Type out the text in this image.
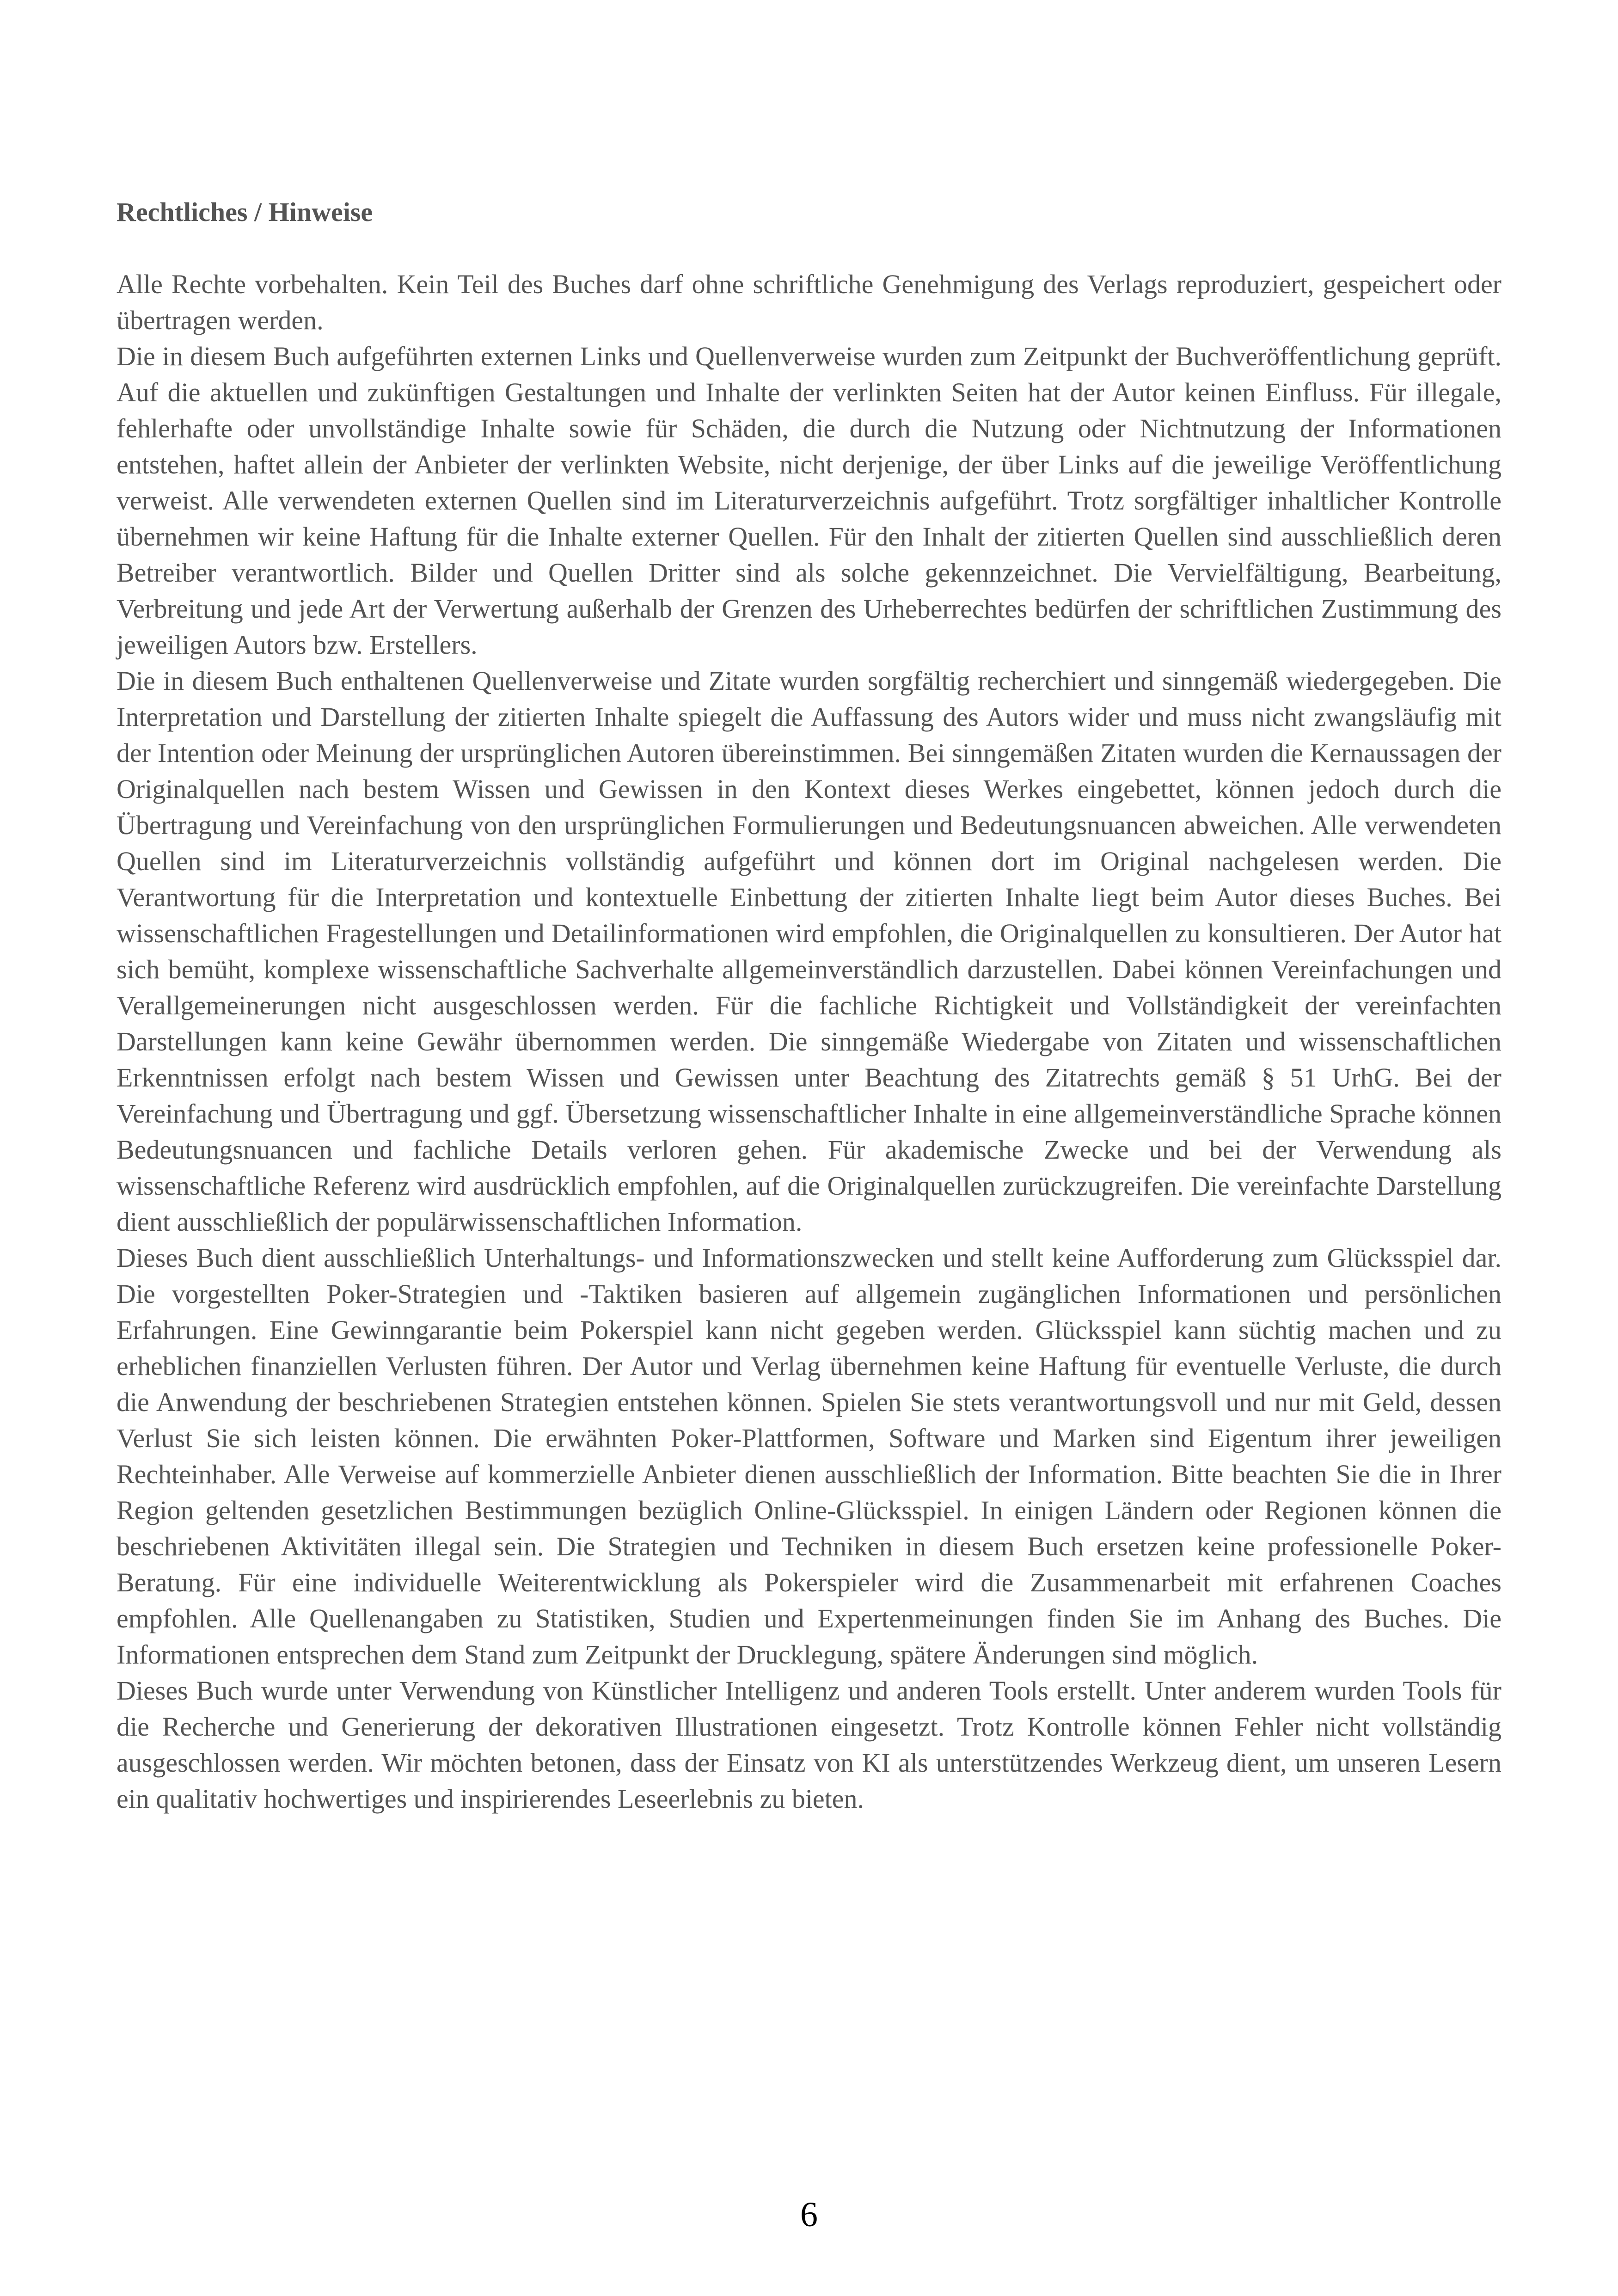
Rechtliches / Hinweise

Alle Rechte vorbehalten. Kein Teil des Buches darf ohne schriftliche Genehmigung des Verlags reproduziert, gespeichert oder übertragen werden.

Die in diesem Buch aufgeführten externen Links und Quellenverweise wurden zum Zeitpunkt der Buchveröffentlichung geprüft. Auf die aktuellen und zukünftigen Gestaltungen und Inhalte der verlinkten Seiten hat der Autor keinen Einfluss. Für illegale, fehlerhafte oder unvollständige Inhalte sowie für Schäden, die durch die Nutzung oder Nichtnutzung der Informationen entstehen, haftet allein der Anbieter der verlinkten Website, nicht derjenige, der über Links auf die jeweilige Veröffentlichung verweist. Alle verwendeten externen Quellen sind im Literaturverzeichnis aufgeführt. Trotz sorgfältiger inhaltlicher Kontrolle übernehmen wir keine Haftung für die Inhalte externer Quellen. Für den Inhalt der zitierten Quellen sind ausschließlich deren Betreiber verantwortlich. Bilder und Quellen Dritter sind als solche gekennzeichnet. Die Vervielfältigung, Bearbeitung, Verbreitung und jede Art der Verwertung außerhalb der Grenzen des Urheberrechtes bedürfen der schriftlichen Zustimmung des jeweiligen Autors bzw. Erstellers.

Die in diesem Buch enthaltenen Quellenverweise und Zitate wurden sorgfältig recherchiert und sinngemäß wiedergegeben. Die Interpretation und Darstellung der zitierten Inhalte spiegelt die Auffassung des Autors wider und muss nicht zwangsläufig mit der Intention oder Meinung der ursprünglichen Autoren übereinstimmen. Bei sinngemäßen Zitaten wurden die Kernaussagen der Originalquellen nach bestem Wissen und Gewissen in den Kontext dieses Werkes eingebettet, können jedoch durch die Übertragung und Vereinfachung von den ursprünglichen Formulierungen und Bedeutungsnuancen abweichen. Alle verwendeten Quellen sind im Literaturverzeichnis vollständig aufgeführt und können dort im Original nachgelesen werden. Die Verantwortung für die Interpretation und kontextuelle Einbettung der zitierten Inhalte liegt beim Autor dieses Buches. Bei wissenschaftlichen Fragestellungen und Detailinformationen wird empfohlen, die Originalquellen zu konsultieren. Der Autor hat sich bemüht, komplexe wissenschaftliche Sachverhalte allgemeinverständlich darzustellen. Dabei können Vereinfachungen und Verallgemeinerungen nicht ausgeschlossen werden. Für die fachliche Richtigkeit und Vollständigkeit der vereinfachten Darstellungen kann keine Gewähr übernommen werden. Die sinngemäße Wiedergabe von Zitaten und wissenschaftlichen Erkenntnissen erfolgt nach bestem Wissen und Gewissen unter Beachtung des Zitatrechts gemäß § 51 UrhG. Bei der Vereinfachung und Übertragung und ggf. Übersetzung wissenschaftlicher Inhalte in eine allgemeinverständliche Sprache können Bedeutungsnuancen und fachliche Details verloren gehen. Für akademische Zwecke und bei der Verwendung als wissenschaftliche Referenz wird ausdrücklich empfohlen, auf die Originalquellen zurückzugreifen. Die vereinfachte Darstellung dient ausschließlich der populärwissenschaftlichen Information.

Dieses Buch dient ausschließlich Unterhaltungs- und Informationszwecken und stellt keine Aufforderung zum Glücksspiel dar. Die vorgestellten Poker-Strategien und -Taktiken basieren auf allgemein zugänglichen Informationen und persönlichen Erfahrungen. Eine Gewinngarantie beim Pokerspiel kann nicht gegeben werden. Glücksspiel kann süchtig machen und zu erheblichen finanziellen Verlusten führen. Der Autor und Verlag übernehmen keine Haftung für eventuelle Verluste, die durch die Anwendung der beschriebenen Strategien entstehen können. Spielen Sie stets verantwortungsvoll und nur mit Geld, dessen Verlust Sie sich leisten können. Die erwähnten Poker-Plattformen, Software und Marken sind Eigentum ihrer jeweiligen Rechteinhaber. Alle Verweise auf kommerzielle Anbieter dienen ausschließlich der Information. Bitte beachten Sie die in Ihrer Region geltenden gesetzlichen Bestimmungen bezüglich Online-Glücksspiel. In einigen Ländern oder Regionen können die beschriebenen Aktivitäten illegal sein. Die Strategien und Techniken in diesem Buch ersetzen keine professionelle Poker-Beratung. Für eine individuelle Weiterentwicklung als Pokerspieler wird die Zusammenarbeit mit erfahrenen Coaches empfohlen. Alle Quellenangaben zu Statistiken, Studien und Expertenmeinungen finden Sie im Anhang des Buches. Die Informationen entsprechen dem Stand zum Zeitpunkt der Drucklegung, spätere Änderungen sind möglich.

Dieses Buch wurde unter Verwendung von Künstlicher Intelligenz und anderen Tools erstellt. Unter anderem wurden Tools für die Recherche und Generierung der dekorativen Illustrationen eingesetzt. Trotz Kontrolle können Fehler nicht vollständig ausgeschlossen werden. Wir möchten betonen, dass der Einsatz von KI als unterstützendes Werkzeug dient, um unseren Lesern ein qualitativ hochwertiges und inspirierendes Leseerlebnis zu bieten.

6
